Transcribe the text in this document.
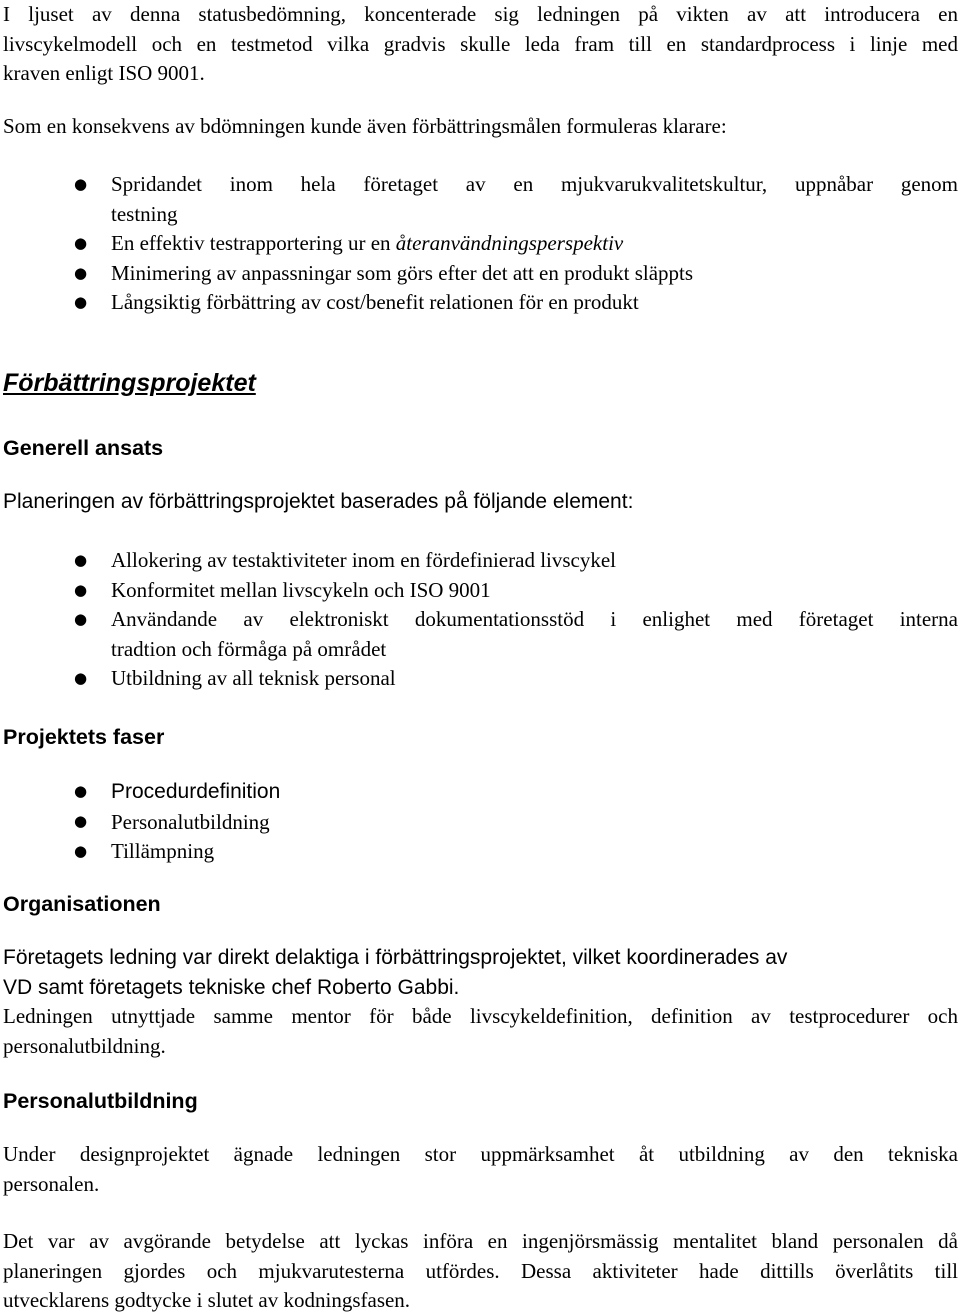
I ljuset av denna statusbedömning, koncenterade sig ledningen på vikten av att introducera en

livscykelmodell och en testmetod vilka gradvis skulle leda fram till en standardprocess i linje med

kraven enligt ISO 9001.

Som en konsekvens av bdömningen kunde även förbättringsmålen formuleras klarare:

● Spridandet inom hela företaget av en mjukvarukvalitetskultur, uppnåbar genom
testning
● En effektiv testrapportering ur en återanvändningsperspektiv
● Minimering av anpassningar som görs efter det att en produkt släppts
● Långsiktig förbättring av cost/benefit relationen för en produkt
Förbättringsprojektet
Generell ansats

Planeringen av förbättringsprojektet baserades på följande element:

● Allokering av testaktiviteter inom en fördefinierad livscykel
● Konformitet mellan livscykeln och ISO 9001
● Användande av elektroniskt dokumentationsstöd i enlighet med företaget interna
tradtion och förmåga på området
● Utbildning av all teknisk personal
Projektets faser
● Procedurdefinition
● Personalutbildning
● Tillämpning
Organisationen

Företagets ledning var direkt delaktiga i förbättringsprojektet, vilket koordinerades av

VD samt företagets tekniske chef Roberto Gabbi.

Ledningen utnyttjade samme mentor för både livscykeldefinition, definition av testprocedurer och

personalutbildning.

Personalutbildning

Under designprojektet ägnade ledningen stor uppmärksamhet åt utbildning av den tekniska

personalen.

Det var av avgörande betydelse att lyckas införa en ingenjörsmässig mentalitet bland personalen då

planeringen gjordes och mjukvarutesterna utfördes. Dessa aktiviteter hade dittills överlåtits till

utvecklarens godtycke i slutet av kodningsfasen.
